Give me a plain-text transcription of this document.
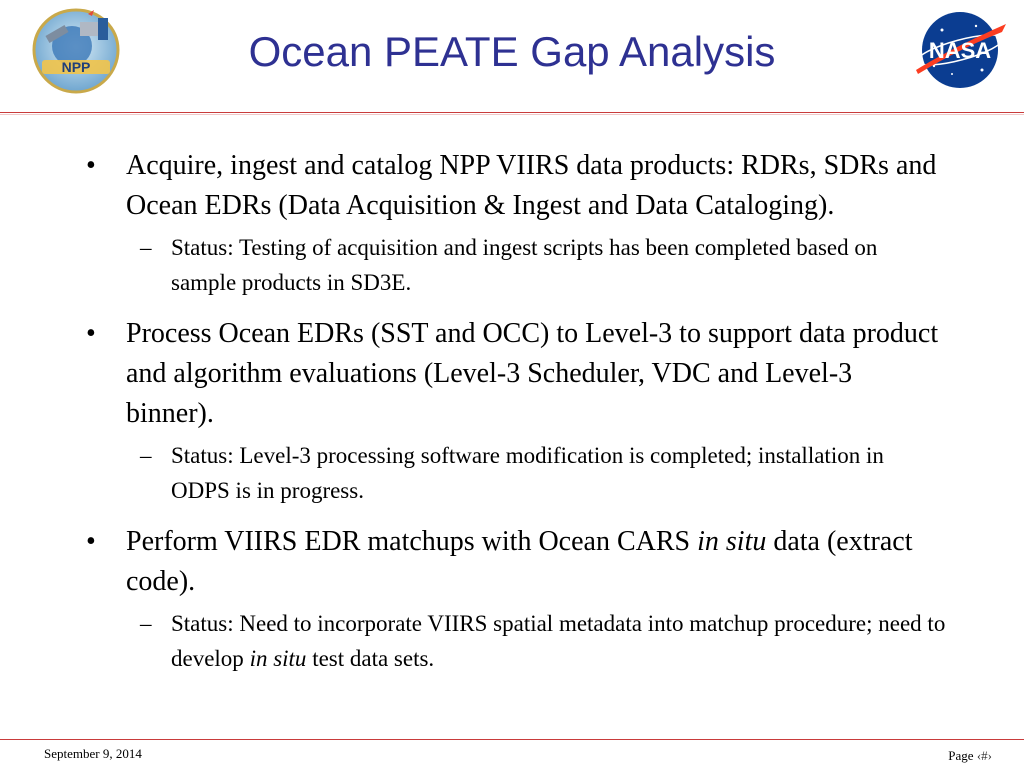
NPP	Ocean PEATE Gap Analysis	NASA
• Acquire, ingest and catalog NPP VIIRS data products: RDRs, SDRs and Ocean EDRs (Data Acquisition & Ingest and Data Cataloging).
– Status: Testing of acquisition and ingest scripts has been completed based on sample products in SD3E.
• Process Ocean EDRs (SST and OCC) to Level-3 to support data product and algorithm evaluations (Level-3 Scheduler, VDC and Level-3 binner).
– Status: Level-3 processing software modification is completed; installation in ODPS is in progress.
• Perform VIIRS EDR matchups with Ocean CARS in situ data (extract code).
– Status: Need to incorporate VIIRS spatial metadata into matchup procedure; need to develop in situ test data sets.
September 9, 2014	Page ‹#›
